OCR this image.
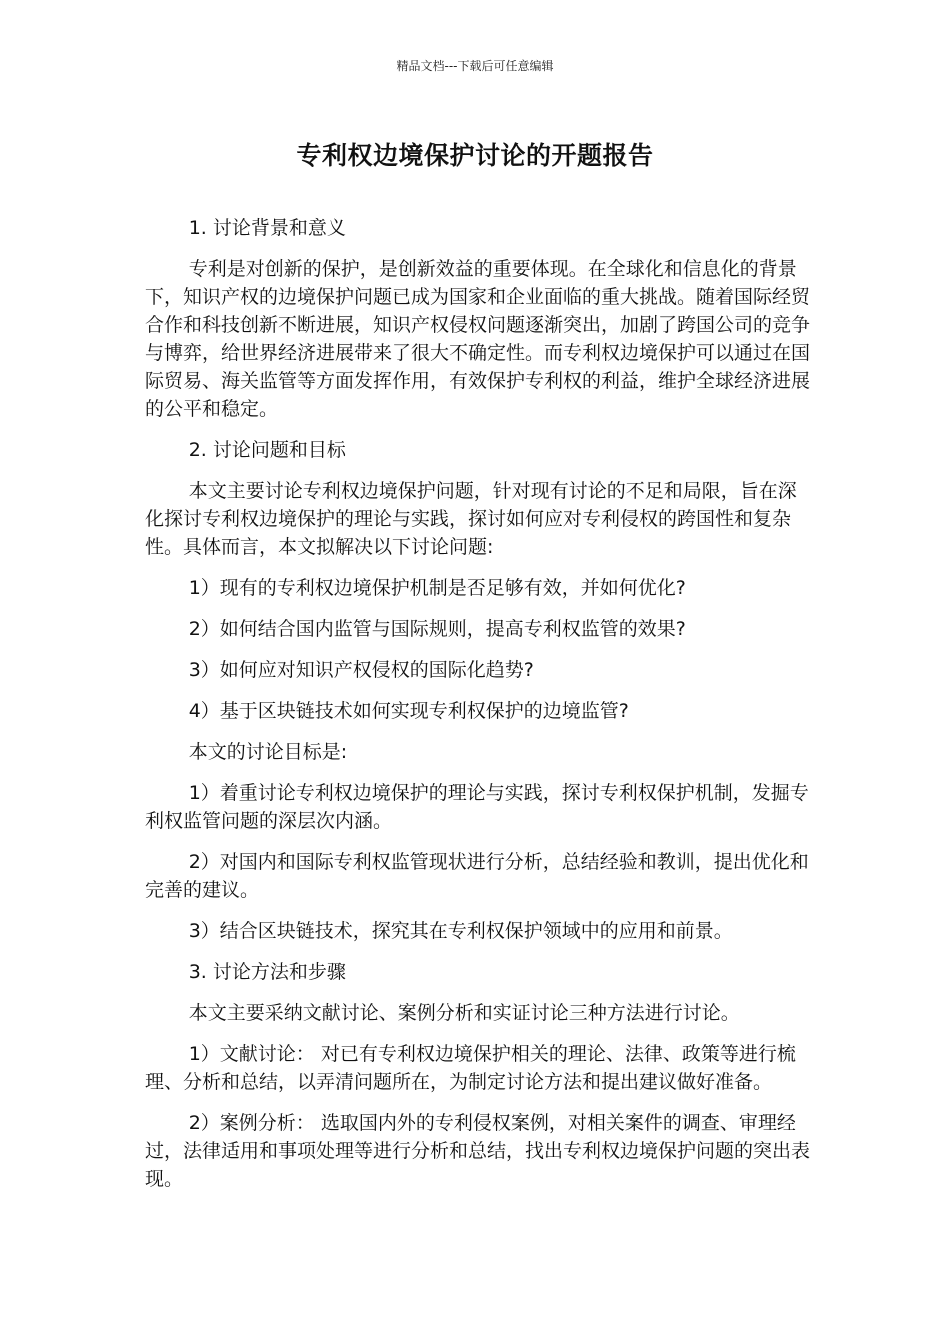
精品文档---下载后可任意编辑
专利权边境保护讨论的开题报告

1. 讨论背景和意义

专利是对创新的保护，是创新效益的重要体现。在全球化和信息化的背景下，知识产权的边境保护问题已成为国家和企业面临的重大挑战。随着国际经贸合作和科技创新不断进展，知识产权侵权问题逐渐突出，加剧了跨国公司的竞争与博弈，给世界经济进展带来了很大不确定性。而专利权边境保护可以通过在国际贸易、海关监管等方面发挥作用，有效保护专利权的利益，维护全球经济进展的公平和稳定。

2. 讨论问题和目标

本文主要讨论专利权边境保护问题，针对现有讨论的不足和局限，旨在深化探讨专利权边境保护的理论与实践，探讨如何应对专利侵权的跨国性和复杂性。具体而言，本文拟解决以下讨论问题:

1）现有的专利权边境保护机制是否足够有效，并如何优化?

2）如何结合国内监管与国际规则，提高专利权监管的效果?

3）如何应对知识产权侵权的国际化趋势?

4）基于区块链技术如何实现专利权保护的边境监管?

本文的讨论目标是:

1）着重讨论专利权边境保护的理论与实践，探讨专利权保护机制，发掘专利权监管问题的深层次内涵。

2）对国内和国际专利权监管现状进行分析，总结经验和教训，提出优化和完善的建议。

3）结合区块链技术，探究其在专利权保护领域中的应用和前景。

3. 讨论方法和步骤

本文主要采纳文献讨论、案例分析和实证讨论三种方法进行讨论。

1）文献讨论： 对已有专利权边境保护相关的理论、法律、政策等进行梳理、分析和总结，以弄清问题所在，为制定讨论方法和提出建议做好准备。

2）案例分析： 选取国内外的专利侵权案例，对相关案件的调查、审理经过，法律适用和事项处理等进行分析和总结，找出专利权边境保护问题的突出表现。
